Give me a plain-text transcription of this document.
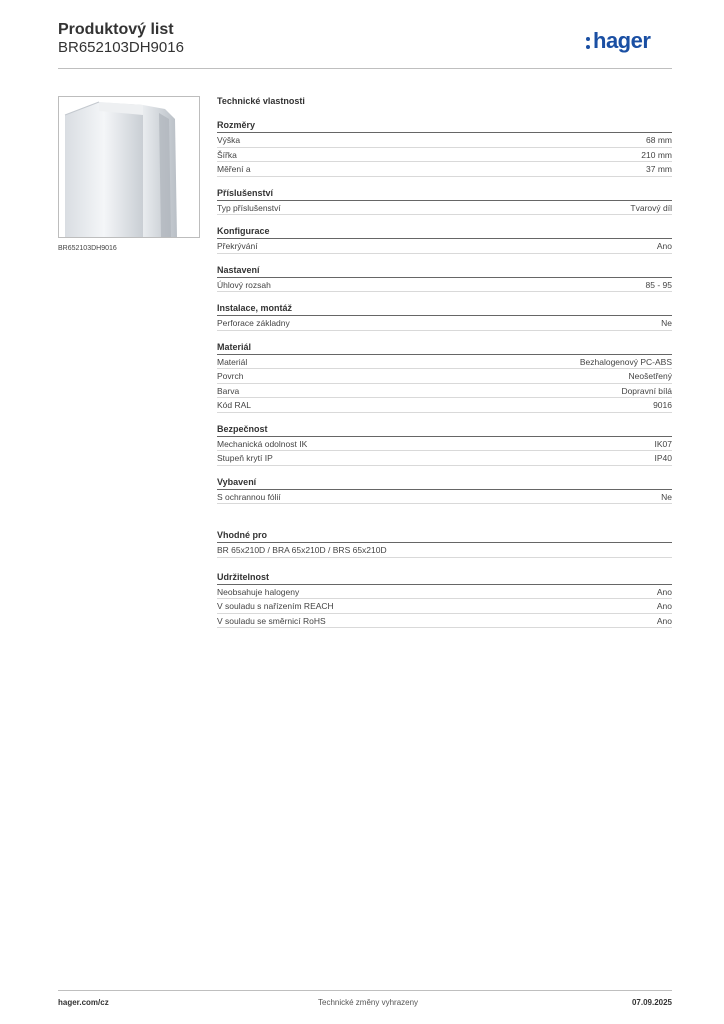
Produktový list
BR652103DH9016	hager
BR652103DH9016
Technické vlastnosti
Rozměry
Výška	68 mm
Šířka	210 mm
Měření a	37 mm
Příslušenství
Typ příslušenství	Tvarový díl
Konfigurace
Překrývání	Ano
Nastavení
Úhlový rozsah	85 - 95
Instalace, montáž
Perforace základny	Ne
Materiál
Materiál	Bezhalogenový PC-ABS
Povrch	Neošetřený
Barva	Dopravní bílá
Kód RAL	9016
Bezpečnost
Mechanická odolnost IK	IK07
Stupeň krytí IP	IP40
Vybavení
S ochrannou fólií	Ne
Vhodné pro
BR 65x210D / BRA 65x210D / BRS 65x210D
Udržitelnost
Neobsahuje halogeny	Ano
V souladu s nařízením REACH	Ano
V souladu se směrnicí RoHS	Ano
hager.com/cz	Technické změny vyhrazeny	07.09.2025
